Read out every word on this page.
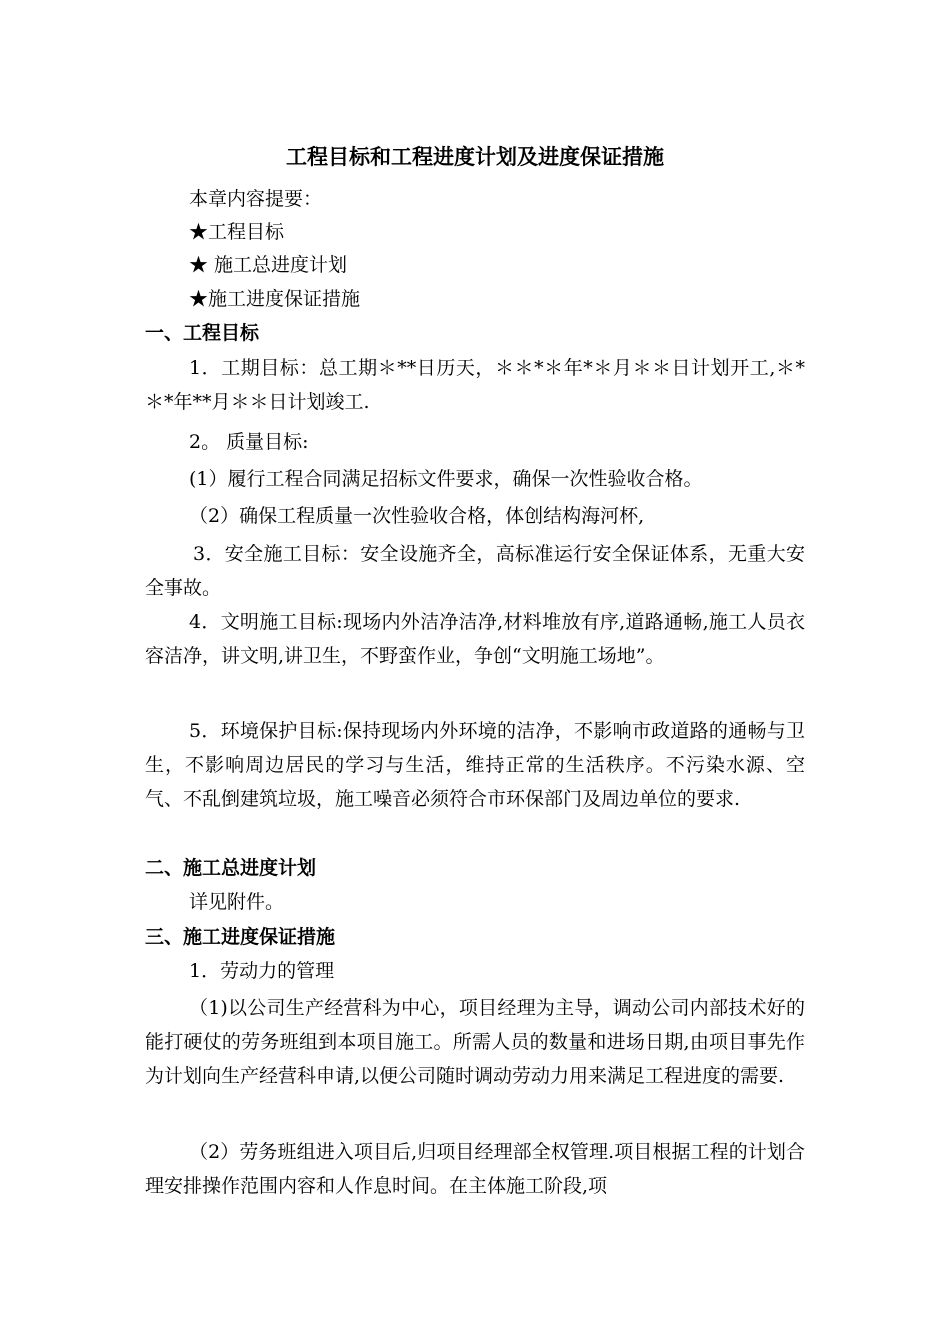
工程目标和工程进度计划及进度保证措施
本章内容提要：
★工程目标
★ 施工总进度计划
★施工进度保证措施
一、工程目标
1．工期目标：总工期＊**日历天，＊＊*＊年*＊月＊＊日计划开工,＊*＊*年**月＊＊日计划竣工.
2。 质量目标:
(1）履行工程合同满足招标文件要求，确保一次性验收合格。
（2）确保工程质量一次性验收合格，体创结构海河杯,
3．安全施工目标：安全设施齐全，高标准运行安全保证体系，无重大安全事故。
4．文明施工目标:现场内外洁净洁净,材料堆放有序,道路通畅,施工人员衣容洁净，讲文明,讲卫生，不野蛮作业，争创“文明施工场地”。
5．环境保护目标:保持现场内外环境的洁净，不影响市政道路的通畅与卫生，不影响周边居民的学习与生活，维持正常的生活秩序。不污染水源、空气、不乱倒建筑垃圾，施工噪音必须符合市环保部门及周边单位的要求.
二、施工总进度计划
详见附件。
三、施工进度保证措施
1．劳动力的管理
（1)以公司生产经营科为中心，项目经理为主导，调动公司内部技术好的能打硬仗的劳务班组到本项目施工。所需人员的数量和进场日期,由项目事先作为计划向生产经营科申请,以便公司随时调动劳动力用来满足工程进度的需要.
（2）劳务班组进入项目后,归项目经理部全权管理.项目根据工程的计划合理安排操作范围内容和人作息时间。在主体施工阶段,项
